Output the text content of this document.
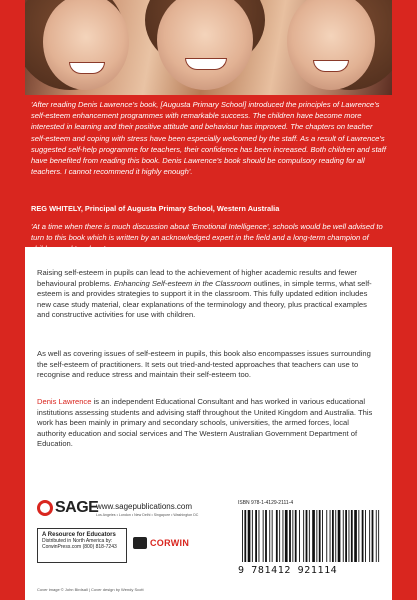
'After reading Denis Lawrence's book, [Augusta Primary School] introduced the principles of Lawrence's self-esteem enhancement programmes with remarkable success. The children have become more interested in learning and their positive attitude and behaviour has improved. The chapters on teacher self-esteem and coping with stress have been especially welcomed by the staff. As a result of Lawrence's suggested self-help programme for teachers, their confidence has been increased. Both children and staff have benefited from reading this book. Denis Lawrence's book should be compulsory reading for all teachers. I cannot recommend it highly enough'.

REG WHITELY, Principal of Augusta Primary School, Western Australia

'At a time when there is much discussion about 'Emotional Intelligence', schools would be well advised to turn to this book which is written by an acknowledged expert in the field and a long-term champion of

COLIN TREVORROW, Head teacher of Heamoor C.P. School, Penzance, Cornwall

Raising self-esteem in pupils can lead to the achievement of higher academic results and fewer behavioural problems. Enhancing Self-esteem in the Classroom outlines, in simple terms, what self-esteem is and provides strategies to support it in the classroom. This fully updated edition includes new case study material, clear explanations of the terminology and theory, plus practical examples and constructive activities for use with children.

As well as covering issues of self-esteem in pupils, this book also encompasses issues surrounding the self-esteem of practitioners. It sets out tried-and-tested approaches that teachers can use to recognise and reduce stress and maintain their self-esteem too.

Denis Lawrence is an independent Educational Consultant and has worked in various educational institutions assessing students and advising staff throughout the United Kingdom and Australia. This work has been mainly in primary and secondary schools, universities, the armed forces, local authority education and social services and The Western Australian Government Department of Education.

SAGE
www.sagepublications.com
Los Angeles • London • New Delhi • Singapore • Washington DC
A Resource for Educators
Distributed in North America by:
CorwinPress.com (800) 818-7243	CORWIN
ISBN 978-1-4129-2111-4
9 781412 921114
Cover image © John Birdsall | Cover design by Wendy Scott
